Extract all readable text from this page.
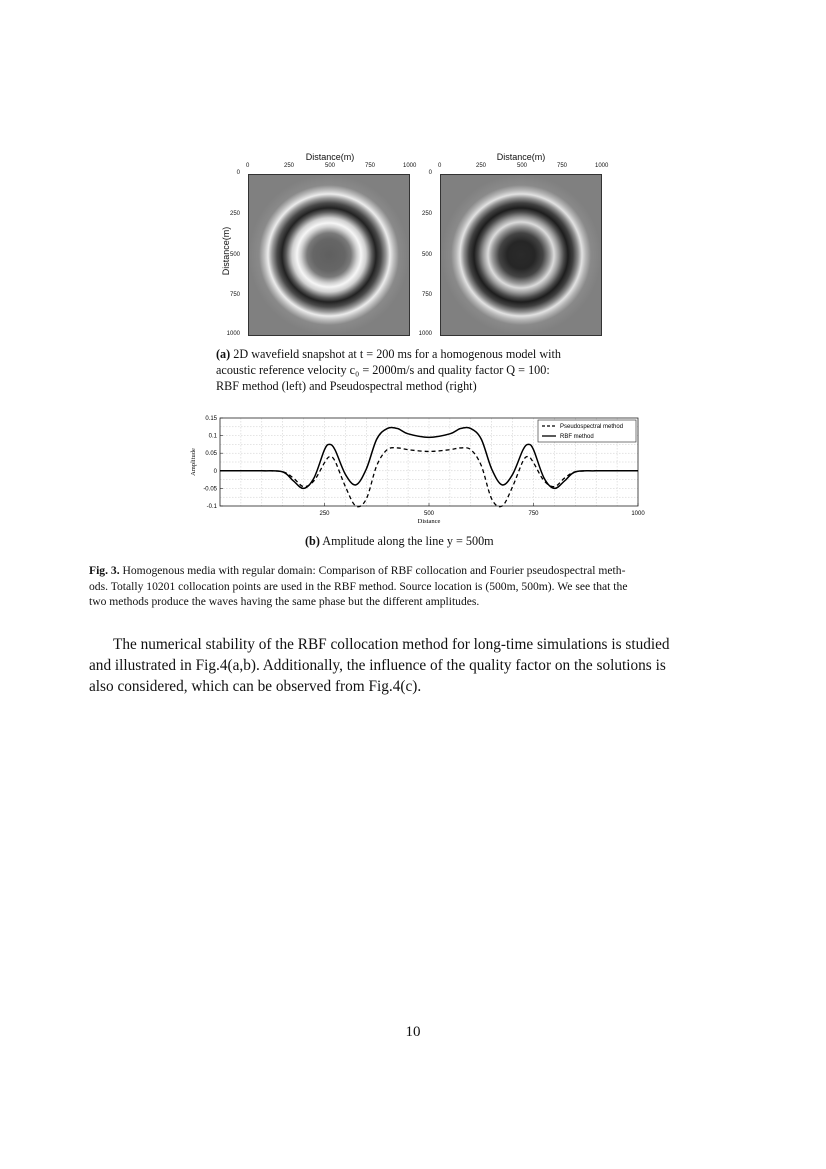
Distance(m)
0	250	500	750	1000
0
250
500
750
1000
Distance(m)
Distance(m)
0	250	500	750	1000
0
250
500
750
1000
(a) 2D wavefield snapshot at t = 200 ms for a homogenous model with
acoustic reference velocity c₀ = 2000m/s and quality factor Q = 100:
RBF method (left) and Pseudospectral method (right)
250	500	750	1000
0.15
0.1
0.05
0
-0.05
-0.1
Distance
Amplitude
Pseudospectral method
RBF method
(b) Amplitude along the line y = 500m
Fig. 3. Homogenous media with regular domain: Comparison of RBF collocation and Fourier pseudospectral meth-
ods. Totally 10201 collocation points are used in the RBF method. Source location is (500m, 500m). We see that the
two methods produce the waves having the same phase but the different amplitudes.
The numerical stability of the RBF collocation method for long-time simulations is studied
and illustrated in Fig.4(a,b). Additionally, the influence of the quality factor on the solutions is
also considered, which can be observed from Fig.4(c).
10
